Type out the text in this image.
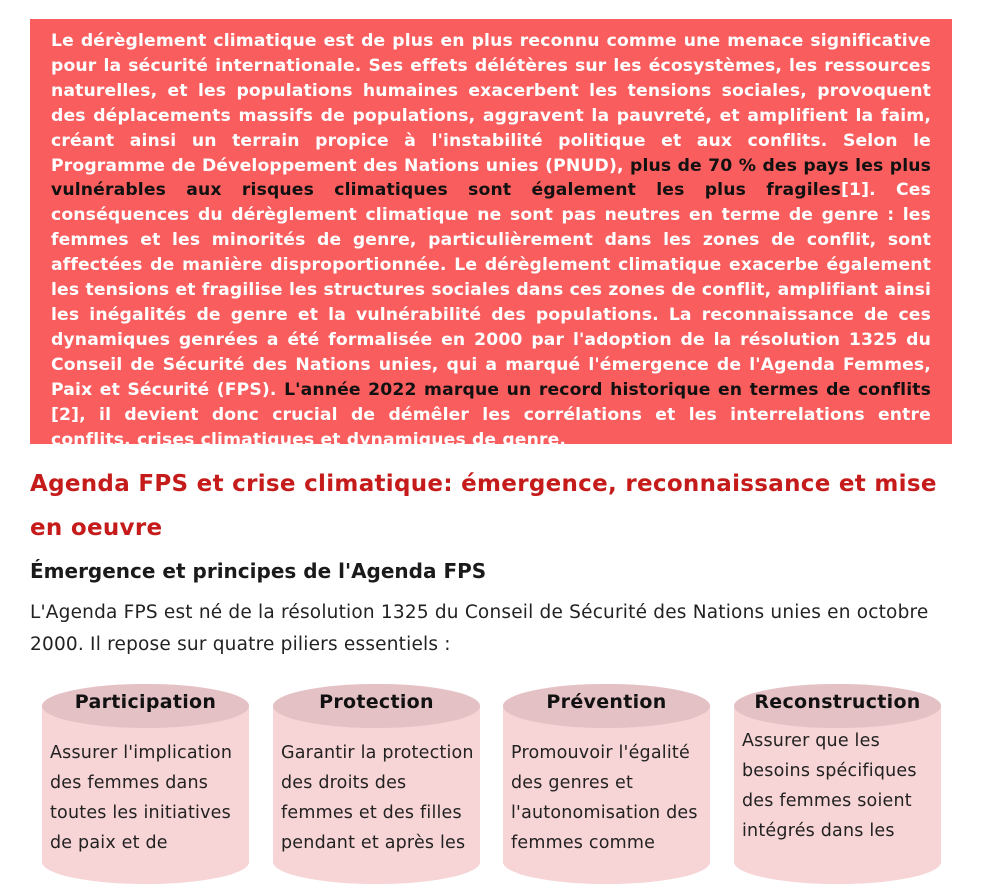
Le dérèglement climatique est de plus en plus reconnu comme une menace significative pour la sécurité internationale. Ses effets délétères sur les écosystèmes, les ressources naturelles, et les populations humaines exacerbent les tensions sociales, provoquent des déplacements massifs de populations, aggravent la pauvreté, et amplifient la faim, créant ainsi un terrain propice à l'instabilité politique et aux conflits. Selon le Programme de Développement des Nations unies (PNUD), plus de 70 % des pays les plus vulnérables aux risques climatiques sont également les plus fragiles[1]. Ces conséquences du dérèglement climatique ne sont pas neutres en terme de genre : les femmes et les minorités de genre, particulièrement dans les zones de conflit, sont affectées de manière disproportionnée. Le dérèglement climatique exacerbe également les tensions et fragilise les structures sociales dans ces zones de conflit, amplifiant ainsi les inégalités de genre et la vulnérabilité des populations. La reconnaissance de ces dynamiques genrées a été formalisée en 2000 par l'adoption de la résolution 1325 du Conseil de Sécurité des Nations unies, qui a marqué l'émergence de l'Agenda Femmes, Paix et Sécurité (FPS). L'année 2022 marque un record historique en termes de conflits [2], il devient donc crucial de démêler les corrélations et les interrelations entre conflits, crises climatiques et dynamiques de genre.

Agenda FPS et crise climatique: émergence, reconnaissance et mise en oeuvre
Émergence et principes de l'Agenda FPS

L'Agenda FPS est né de la résolution 1325 du Conseil de Sécurité des Nations unies en octobre 2000. Il repose sur quatre piliers essentiels :

Participation

Assurer l'implication des femmes dans toutes les initiatives de paix et de

Protection

Garantir la protection des droits des femmes et des filles pendant et après les

Prévention

Promouvoir l'égalité des genres et l'autonomisation des femmes comme

Reconstruction

Assurer que les besoins spécifiques des femmes soient intégrés dans les
